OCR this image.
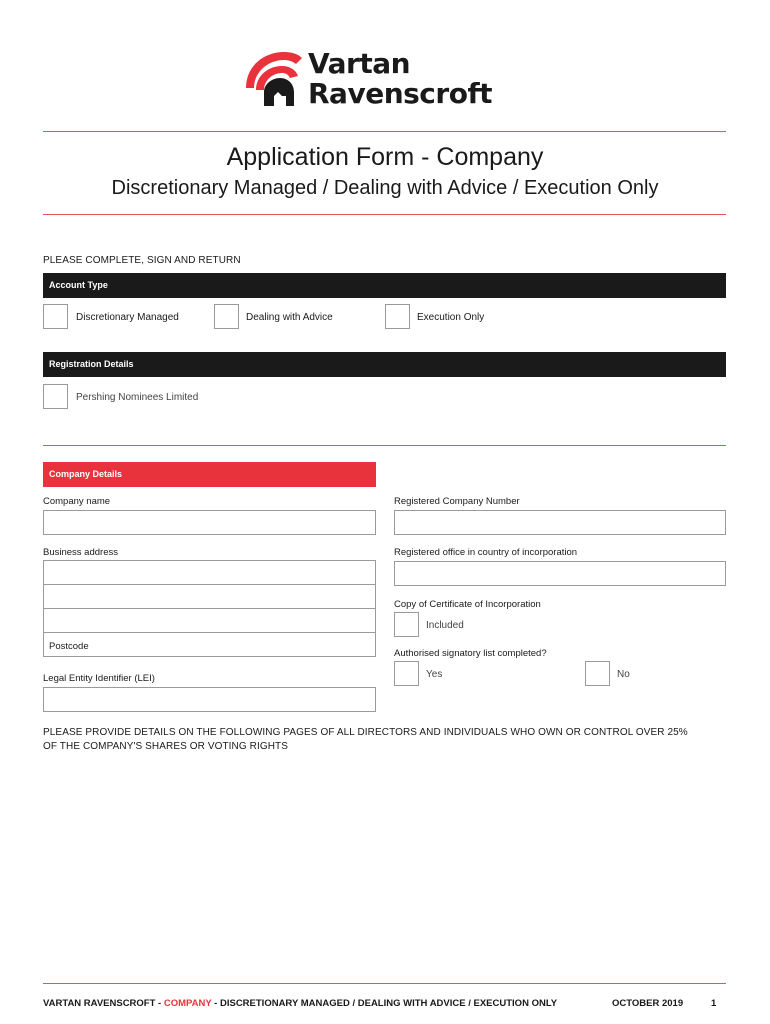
Vartan
Ravenscroft
Application Form - Company
Discretionary Managed / Dealing with Advice / Execution Only
PLEASE COMPLETE, SIGN AND RETURN
Account Type
Discretionary Managed	Dealing with Advice	Execution Only
Registration Details
Pershing Nominees Limited
Company Details
Company name
Business address
Postcode
Legal Entity Identifier (LEI)
Registered Company Number
Registered office in country of incorporation
Copy of Certificate of Incorporation
Included
Authorised signatory list completed?
Yes	No
PLEASE PROVIDE DETAILS ON THE FOLLOWING PAGES OF ALL DIRECTORS AND INDIVIDUALS WHO OWN OR CONTROL OVER 25%
OF THE COMPANY'S SHARES OR VOTING RIGHTS
VARTAN RAVENSCROFT - COMPANY - DISCRETIONARY MANAGED / DEALING WITH ADVICE / EXECUTION ONLY	OCTOBER 2019	1
